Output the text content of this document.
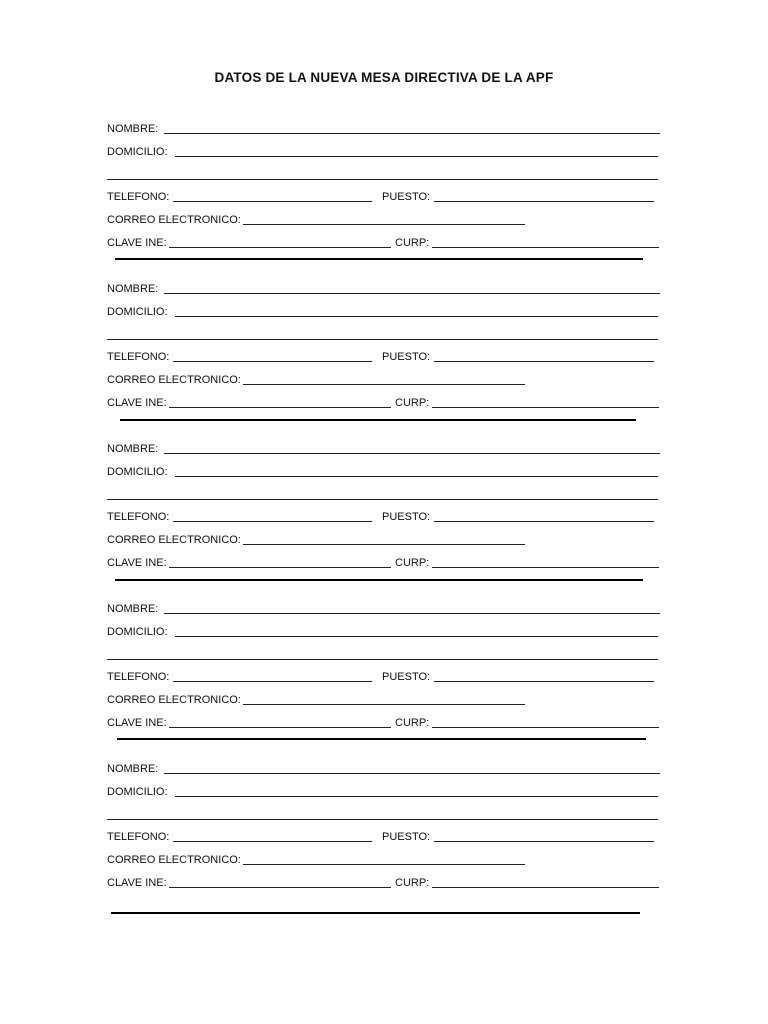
DATOS DE LA NUEVA MESA DIRECTIVA DE LA APF
NOMBRE:
DOMICILIO:
TELEFONO:	PUESTO:
CORREO ELECTRONICO:
CLAVE INE:	CURP:
NOMBRE:
DOMICILIO:
TELEFONO:	PUESTO:
CORREO ELECTRONICO:
CLAVE INE:	CURP:
NOMBRE:
DOMICILIO:
TELEFONO:	PUESTO:
CORREO ELECTRONICO:
CLAVE INE:	CURP:
NOMBRE:
DOMICILIO:
TELEFONO:	PUESTO:
CORREO ELECTRONICO:
CLAVE INE:	CURP:
NOMBRE:
DOMICILIO:
TELEFONO:	PUESTO:
CORREO ELECTRONICO:
CLAVE INE:	CURP:
